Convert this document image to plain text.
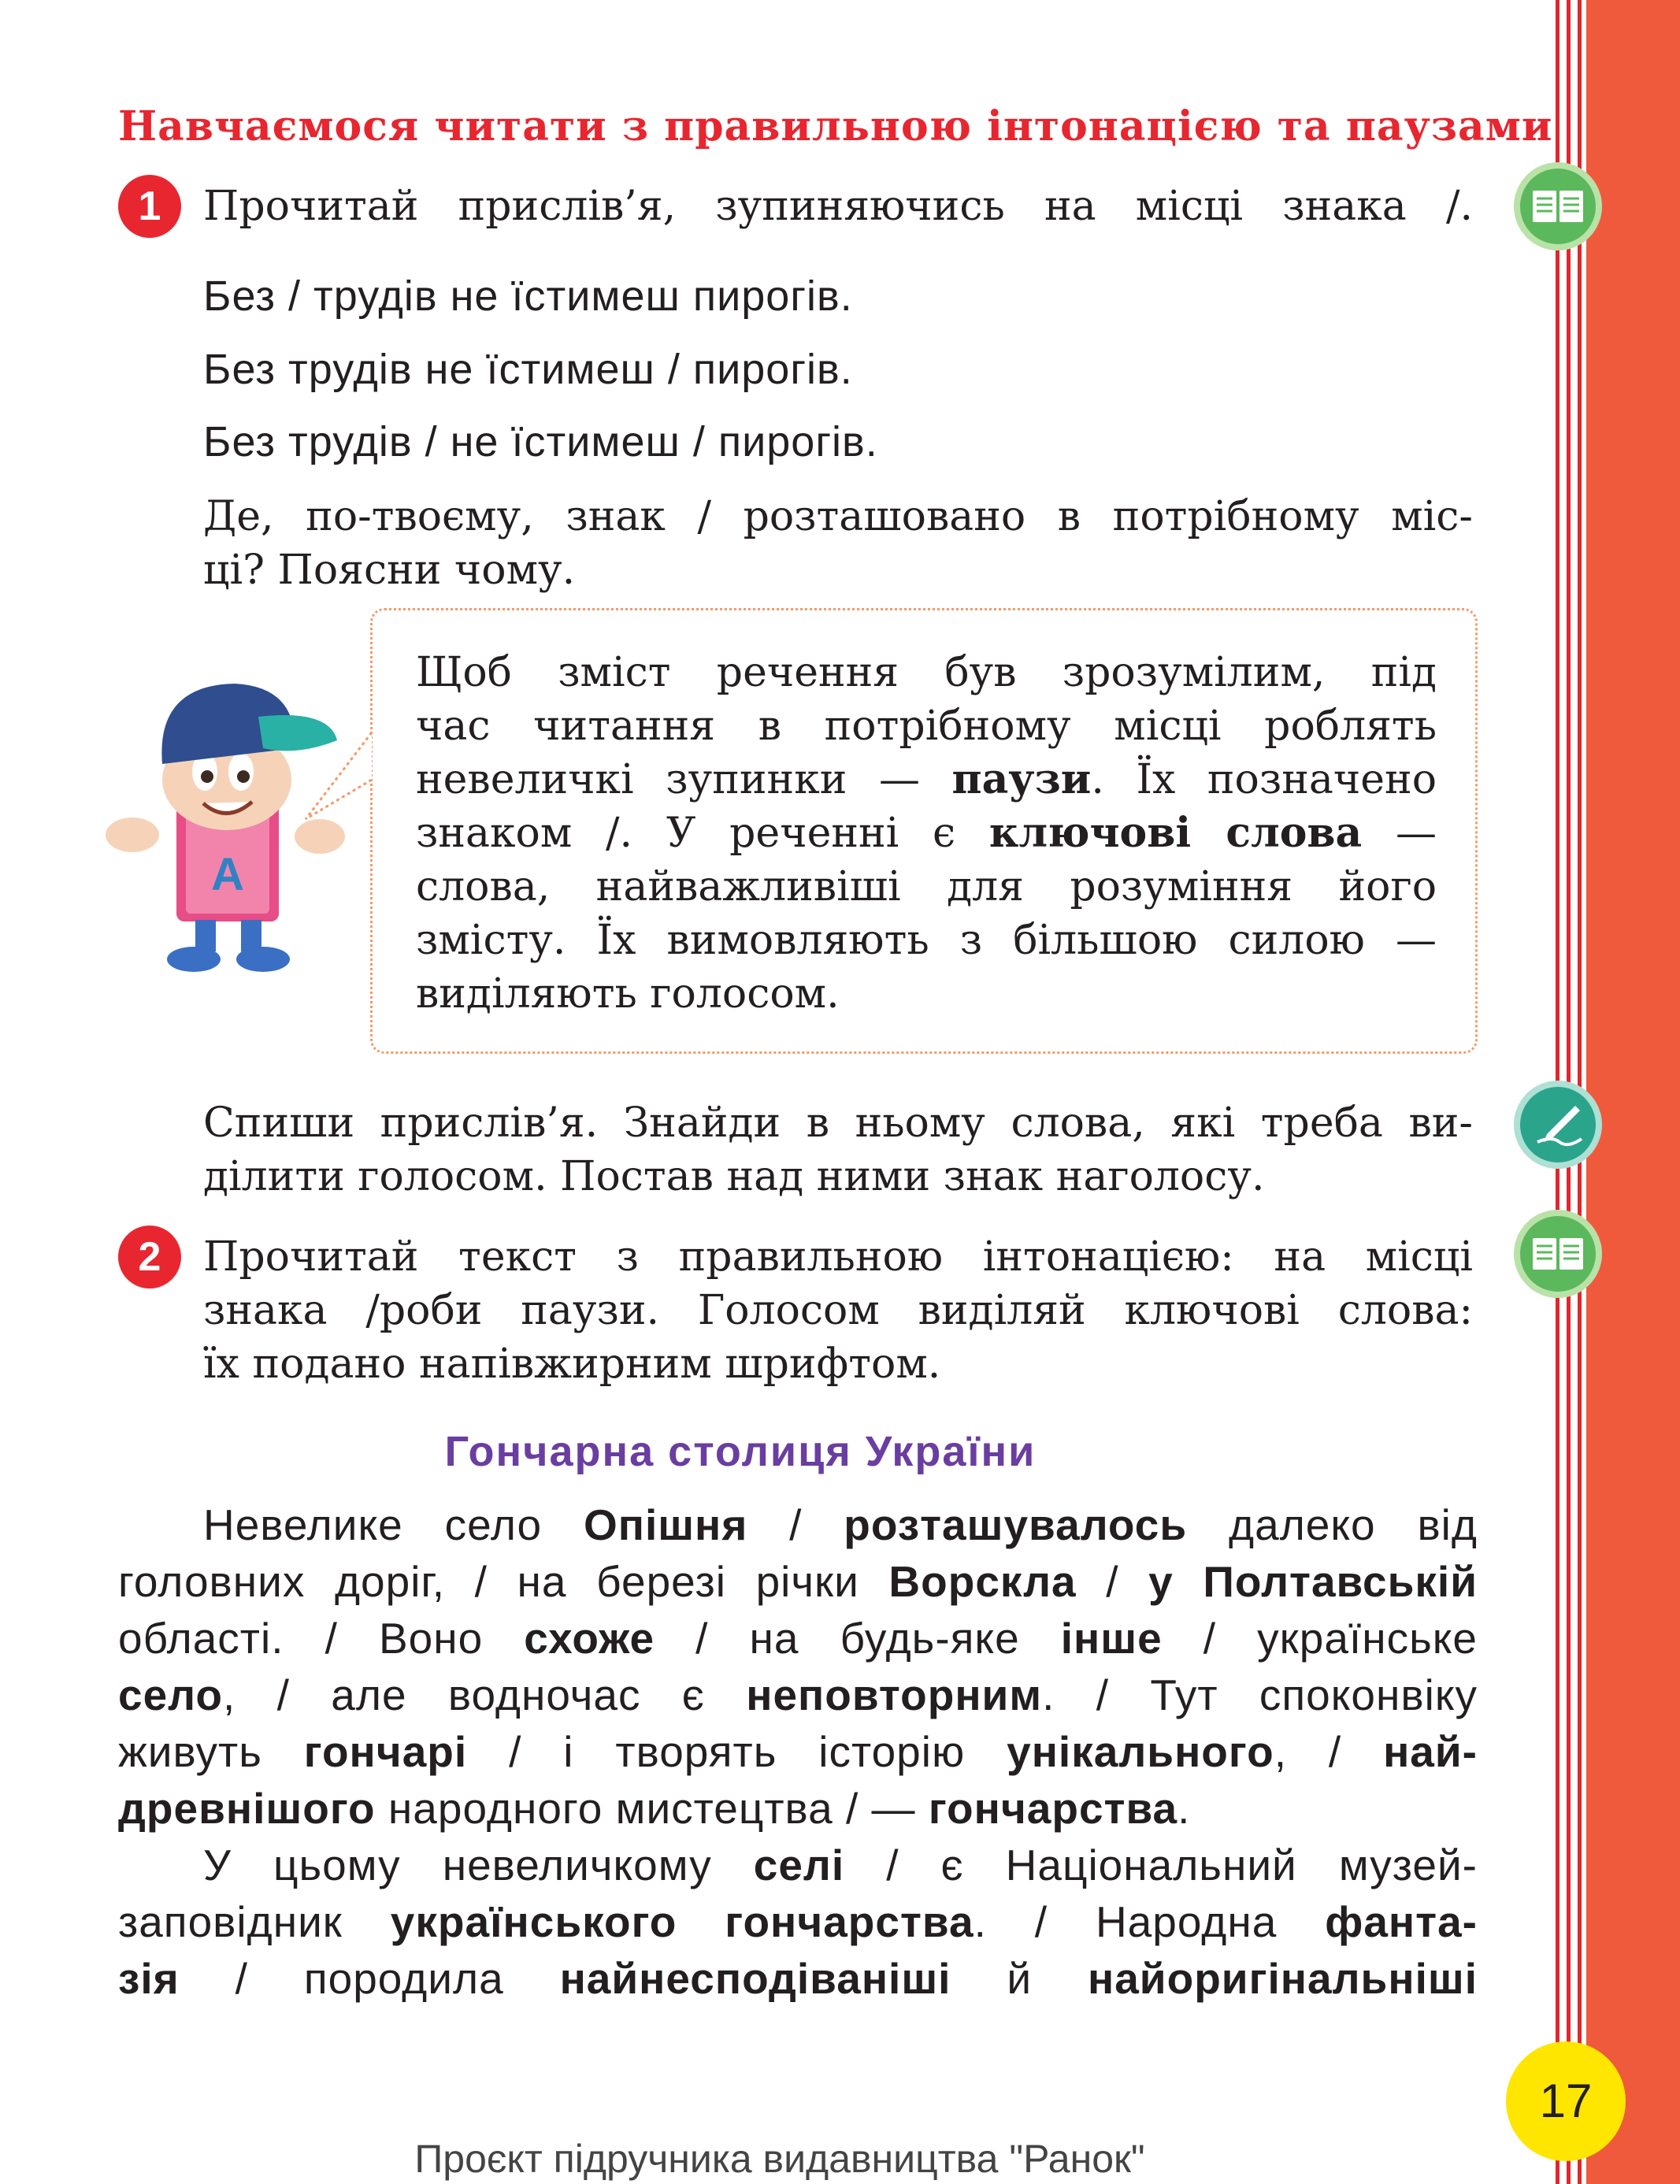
Навчаємося читати з правильною інтонацією та паузами
1	Прочитай прислів’я, зупиняючись на місці знака /.
Без / трудів не їстимеш пирогів.
Без трудів не їстимеш / пирогів.
Без трудів / не їстимеш / пирогів.
Де, по-твоєму, знак / розташовано в потрібному міс-
ці? Поясни чому.
А
Щоб зміст речення був зрозумілим, під
час читання в потрібному місці роблять
невеличкі зупинки — паузи. Їх позначено
знаком /. У реченні є ключові слова —
слова, найважливіші для розуміння його
змісту. Їх вимовляють з більшою силою —
виділяють голосом.
Спиши прислів’я. Знайди в ньому слова, які треба ви-
ділити голосом. Постав над ними знак наголосу.
2	Прочитай текст з правильною інтонацією: на місці
знака /роби паузи. Голосом виділяй ключові слова:
їх подано напівжирним шрифтом.
Гончарна столиця України
Невелике село Опішня / розташувалось далеко від
головних доріг, / на березі річки Ворскла / у Полтавській
області. / Воно схоже / на будь-яке інше / українське
село, / але водночас є неповторним. / Тут споконвіку
живуть гончарі / і творять історію унікального, / най-
древнішого народного мистецтва / — гончарства.
У цьому невеличкому селі / є Національний музей-
заповідник українського гончарства. / Народна фанта-
зія / породила найнесподіваніші й найоригінальніші
17
Проєкт підручника видавництва "Ранок"
